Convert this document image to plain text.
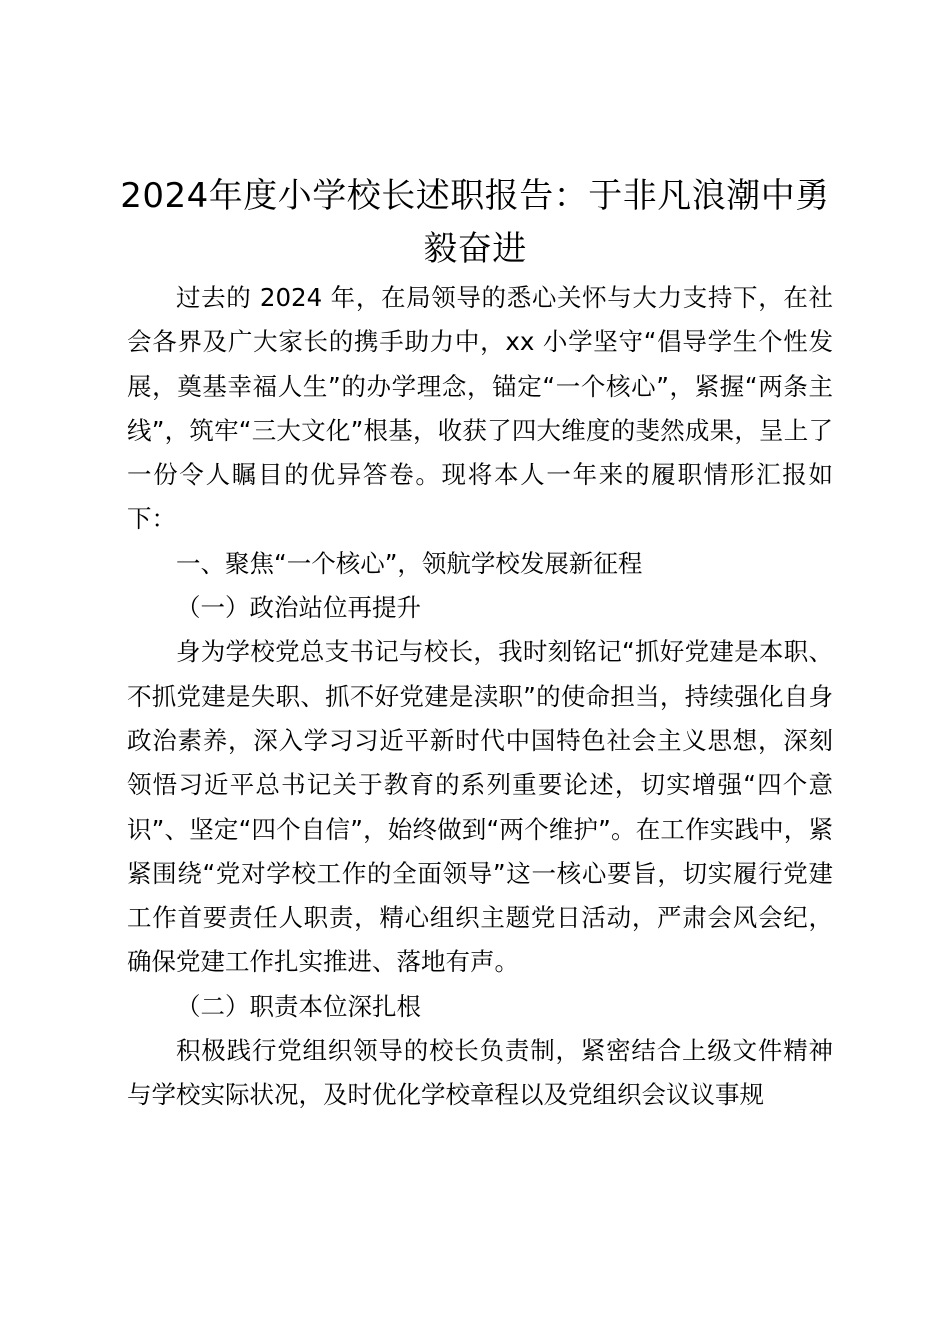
2024年度小学校长述职报告：于非凡浪潮中勇毅奋进

过去的 2024 年，在局领导的悉心关怀与大力支持下，在社会各界及广大家长的携手助力中，xx 小学坚守“倡导学生个性发展，奠基幸福人生”的办学理念，锚定“一个核心”，紧握“两条主线”，筑牢“三大文化”根基，收获了四大维度的斐然成果，呈上了一份令人瞩目的优异答卷。现将本人一年来的履职情形汇报如下：

一、聚焦“一个核心”，领航学校发展新征程

（一）政治站位再提升

身为学校党总支书记与校长，我时刻铭记“抓好党建是本职、不抓党建是失职、抓不好党建是渎职”的使命担当，持续强化自身政治素养，深入学习习近平新时代中国特色社会主义思想，深刻领悟习近平总书记关于教育的系列重要论述，切实增强“四个意识”、坚定“四个自信”，始终做到“两个维护”。在工作实践中，紧紧围绕“党对学校工作的全面领导”这一核心要旨，切实履行党建工作首要责任人职责，精心组织主题党日活动，严肃会风会纪，确保党建工作扎实推进、落地有声。

（二）职责本位深扎根

积极践行党组织领导的校长负责制，紧密结合上级文件精神与学校实际状况，及时优化学校章程以及党组织会议议事规
